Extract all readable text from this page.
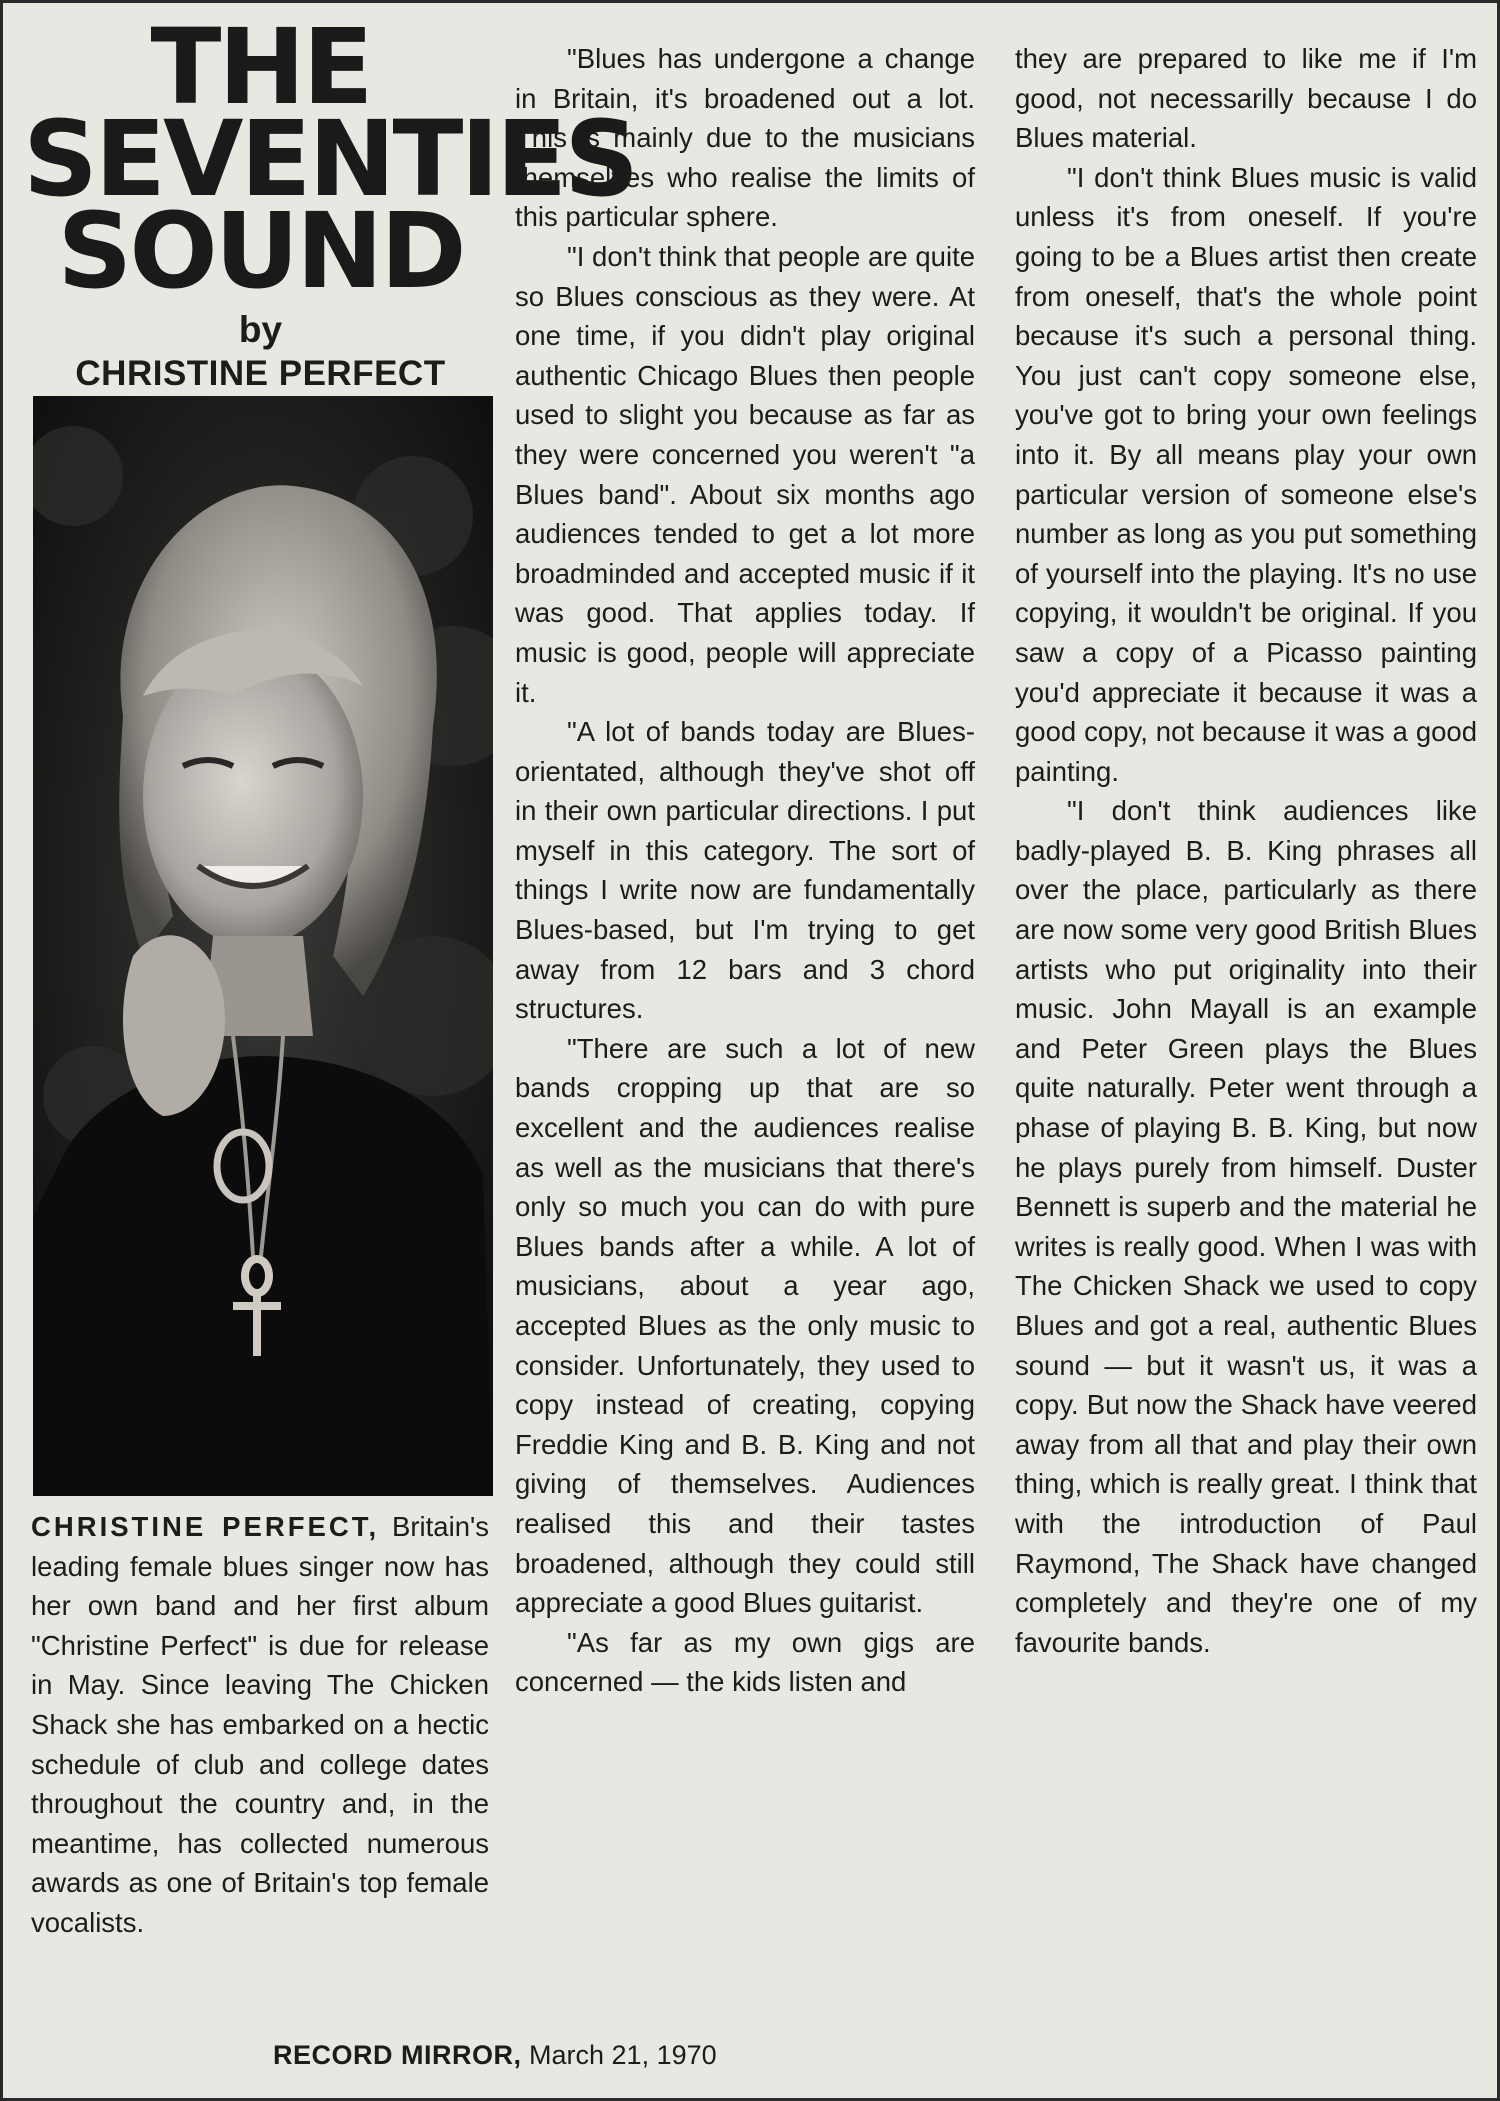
THE
SEVENTIES
SOUND
by
CHRISTINE PERFECT
CHRISTINE PERFECT, Britain's leading female blues singer now has her own band and her first album "Christine Perfect" is due for release in May. Since leaving The Chicken Shack she has embarked on a hectic schedule of club and college dates throughout the country and, in the meantime, has collected numerous awards as one of Britain's top female vocalists.

"Blues has undergone a change in Britain, it's broadened out a lot. This is mainly due to the musicians themselves who realise the limits of this particular sphere.

"I don't think that people are quite so Blues conscious as they were. At one time, if you didn't play original authentic Chicago Blues then people used to slight you because as far as they were concerned you weren't "a Blues band". About six months ago audiences tended to get a lot more broadminded and accepted music if it was good. That applies today. If music is good, people will appreciate it.

"A lot of bands today are Blues-orientated, although they've shot off in their own particular directions. I put myself in this category. The sort of things I write now are fundamentally Blues-based, but I'm trying to get away from 12 bars and 3 chord structures.

"There are such a lot of new bands cropping up that are so excellent and the audiences realise as well as the musicians that there's only so much you can do with pure Blues bands after a while. A lot of musicians, about a year ago, accepted Blues as the only music to consider. Unfortunately, they used to copy instead of creating, copying Freddie King and B. B. King and not giving of themselves. Audiences realised this and their tastes broadened, although they could still appreciate a good Blues guitarist.

"As far as my own gigs are concerned — the kids listen and

they are prepared to like me if I'm good, not necessarilly because I do Blues material.

"I don't think Blues music is valid unless it's from oneself. If you're going to be a Blues artist then create from oneself, that's the whole point because it's such a personal thing. You just can't copy someone else, you've got to bring your own feelings into it. By all means play your own particular version of someone else's number as long as you put something of yourself into the playing. It's no use copying, it wouldn't be original. If you saw a copy of a Picasso painting you'd appreciate it because it was a good copy, not because it was a good painting.

"I don't think audiences like badly-played B. B. King phrases all over the place, particularly as there are now some very good British Blues artists who put originality into their music. John Mayall is an example and Peter Green plays the Blues quite naturally. Peter went through a phase of playing B. B. King, but now he plays purely from himself. Duster Bennett is superb and the material he writes is really good. When I was with The Chicken Shack we used to copy Blues and got a real, authentic Blues sound — but it wasn't us, it was a copy. But now the Shack have veered away from all that and play their own thing, which is really great. I think that with the introduction of Paul Raymond, The Shack have changed completely and they're one of my favourite bands.

RECORD MIRROR, March 21, 1970
